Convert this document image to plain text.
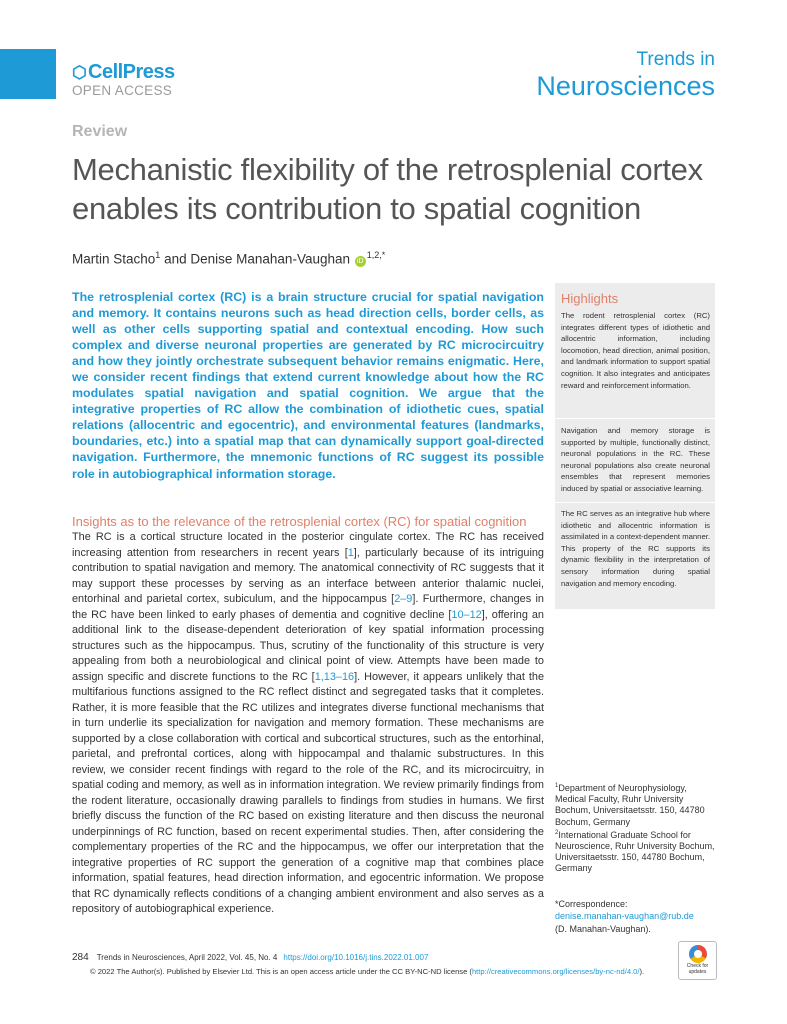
⬡CellPress
OPEN ACCESS
Trends in
Neurosciences
Review
Mechanistic flexibility of the retrosplenial cortex enables its contribution to spatial cognition
Martin Stacho$^1$ and Denise Manahan-Vaughan $iD^{1,2,*}$
The retrosplenial cortex (RC) is a brain structure crucial for spatial navigation and memory. It contains neurons such as head direction cells, border cells, as well as other cells supporting spatial and contextual encoding. How such complex and diverse neuronal properties are generated by RC microcircuitry and how they jointly orchestrate subsequent behavior remains enigmatic. Here, we consider recent findings that extend current knowledge about how the RC modulates spatial navigation and spatial cognition. We argue that the integrative properties of RC allow the combination of idiothetic cues, spatial relations (allocentric and egocentric), and environmental features (landmarks, boundaries, etc.) into a spatial map that can dynamically support goal-directed navigation. Furthermore, the mnemonic functions of RC suggest its possible role in autobiographical information storage.
Highlights
The rodent retrosplenial cortex (RC) integrates different types of idiothetic and allocentric information, including locomotion, head direction, animal position, and landmark information to support spatial cognition. It also integrates and anticipates reward and reinforcement information.
Navigation and memory storage is supported by multiple, functionally distinct, neuronal populations in the RC. These neuronal populations also create neuronal ensembles that represent memories induced by spatial or associative learning.
The RC serves as an integrative hub where idiothetic and allocentric information is assimilated in a context-dependent manner. This property of the RC supports its dynamic flexibility in the interpretation of sensory information during spatial navigation and memory encoding.
Insights as to the relevance of the retrosplenial cortex (RC) for spatial cognition
The RC is a cortical structure located in the posterior cingulate cortex. The RC has received increasing attention from researchers in recent years [1], particularly because of its intriguing contribution to spatial navigation and memory. The anatomical connectivity of RC suggests that it may support these processes by serving as an interface between anterior thalamic nuclei, entorhinal and parietal cortex, subiculum, and the hippocampus [2–9]. Furthermore, changes in the RC have been linked to early phases of dementia and cognitive decline [10–12], offering an additional link to the disease-dependent deterioration of key spatial information processing structures such as the hippocampus. Thus, scrutiny of the functionality of this structure is very appealing from both a neurobiological and clinical point of view. Attempts have been made to assign specific and discrete functions to the RC [1,13–16]. However, it appears unlikely that the multifarious functions assigned to the RC reflect distinct and segregated tasks that it completes. Rather, it is more feasible that the RC utilizes and integrates diverse functional mechanisms that in turn underlie its specialization for navigation and memory formation. These mechanisms are supported by a close collaboration with cortical and subcortical structures, such as the entorhinal, parietal, and prefrontal cortices, along with hippocampal and thalamic substructures. In this review, we consider recent findings with regard to the role of the RC, and its microcircuitry, in spatial coding and memory, as well as in information integration. We review primarily findings from the rodent literature, occasionally drawing parallels to findings from studies in humans. We first briefly discuss the function of the RC based on existing literature and then discuss the neuronal underpinnings of RC function, based on recent experimental studies. Then, after considering the complementary properties of the RC and the hippocampus, we offer our interpretation that the integrative properties of RC support the generation of a cognitive map that combines place information, spatial features, head direction information, and egocentric information. We propose that RC dynamically reflects conditions of a changing ambient environment and also serves as a repository of autobiographical experience.
$^1$Department of Neurophysiology, Medical Faculty, Ruhr University Bochum, Universitaetsstr. 150, 44780 Bochum, Germany
$^2$International Graduate School for Neuroscience, Ruhr University Bochum, Universitaetsstr. 150, 44780 Bochum, Germany
*Correspondence:
denise.manahan-vaughan@rub.de
(D. Manahan-Vaughan).
284 Trends in Neurosciences, April 2022, Vol. 45, No. 4 https://doi.org/10.1016/j.tins.2022.01.007
© 2022 The Author(s). Published by Elsevier Ltd. This is an open access article under the CC BY-NC-ND license (http://creativecommons.org/licenses/by-nc-nd/4.0/).
Check for
updates
